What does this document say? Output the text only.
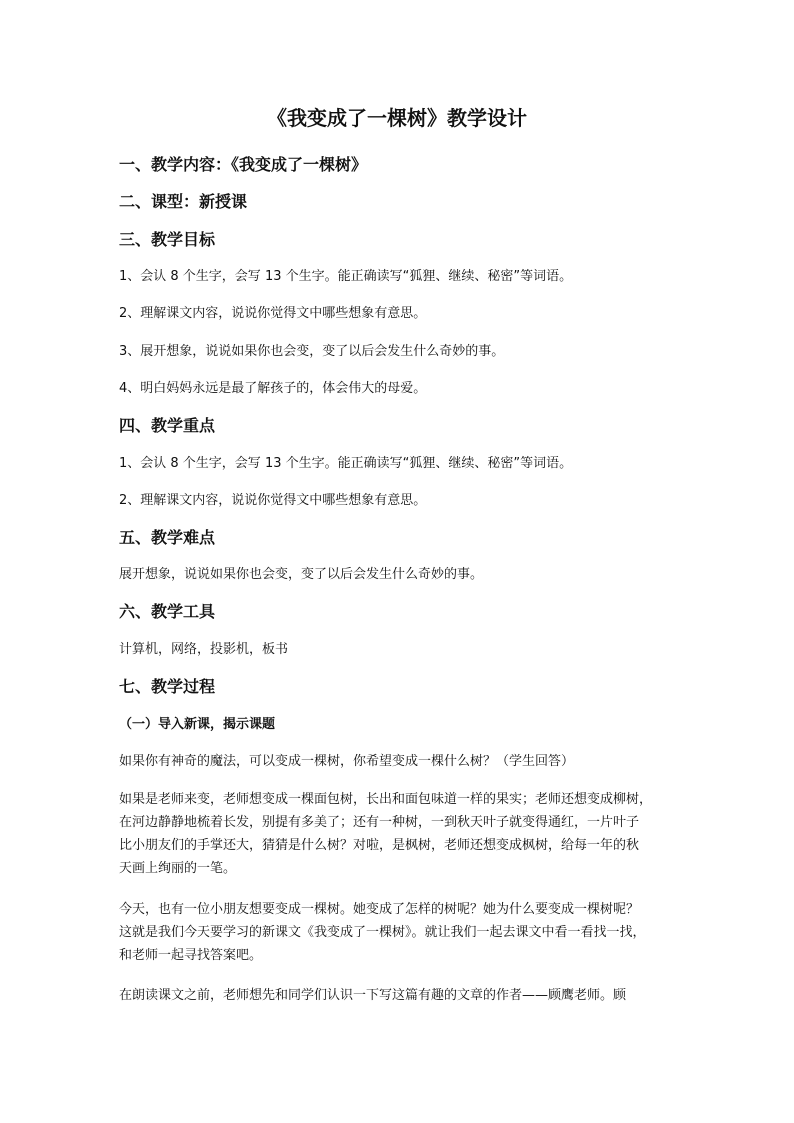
《我变成了一棵树》教学设计
一、教学内容：《我变成了一棵树》
二、课型：新授课
三、教学目标
1、会认 8 个生字，会写 13 个生字。能正确读写“狐狸、继续、秘密”等词语。
2、理解课文内容，说说你觉得文中哪些想象有意思。
3、展开想象，说说如果你也会变，变了以后会发生什么奇妙的事。
4、明白妈妈永远是最了解孩子的，体会伟大的母爱。
四、教学重点
1、会认 8 个生字，会写 13 个生字。能正确读写“狐狸、继续、秘密”等词语。
2、理解课文内容，说说你觉得文中哪些想象有意思。
五、教学难点
展开想象，说说如果你也会变，变了以后会发生什么奇妙的事。
六、教学工具
计算机，网络，投影机，板书
七、教学过程
（一）导入新课，揭示课题
如果你有神奇的魔法，可以变成一棵树，你希望变成一棵什么树？（学生回答）
如果是老师来变，老师想变成一棵面包树，长出和面包味道一样的果实；老师还想变成柳树，
在河边静静地梳着长发，别提有多美了；还有一种树，一到秋天叶子就变得通红，一片叶子
比小朋友们的手掌还大，猜猜是什么树？对啦，是枫树，老师还想变成枫树，给每一年的秋
天画上绚丽的一笔。
今天，也有一位小朋友想要变成一棵树。她变成了怎样的树呢？她为什么要变成一棵树呢？
这就是我们今天要学习的新课文《我变成了一棵树》。就让我们一起去课文中看一看找一找，
和老师一起寻找答案吧。
在朗读课文之前，老师想先和同学们认识一下写这篇有趣的文章的作者——顾鹰老师。顾
